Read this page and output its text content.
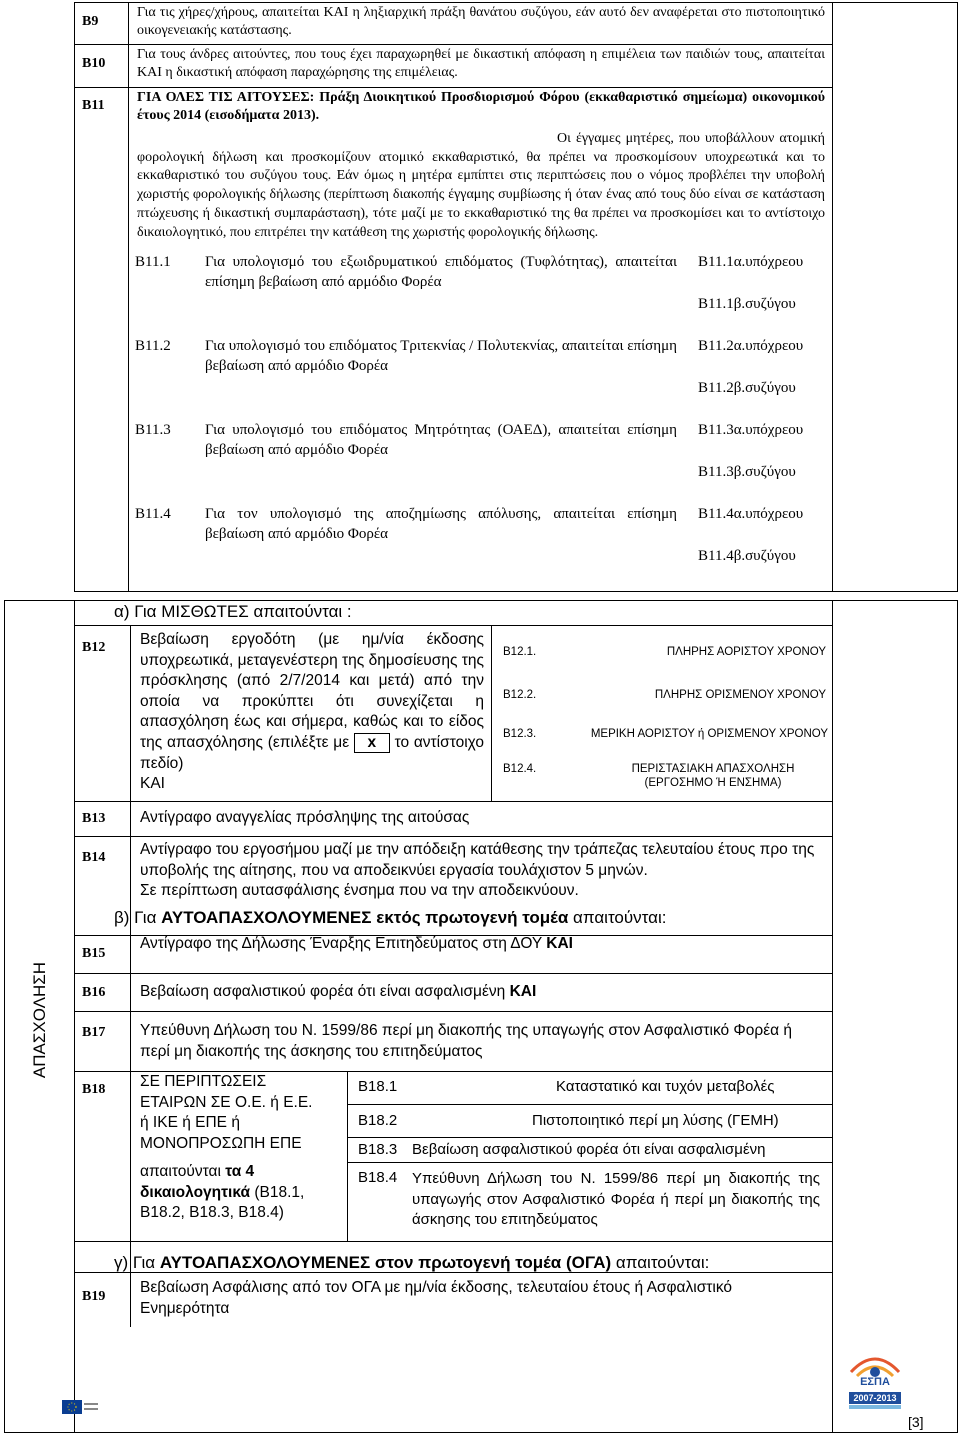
B9
Για τις χήρες/χήρους, απαιτείται ΚΑΙ η ληξιαρχική πράξη θανάτου συζύγου, εάν αυτό δεν αναφέρεται στο πιστοποιητικό οικογενειακής κατάστασης.
B10
Για τους άνδρες αιτούντες, που τους έχει παραχωρηθεί με δικαστική απόφαση η επιμέλεια των παιδιών τους, απαιτείται ΚΑΙ η δικαστική απόφαση παραχώρησης της επιμέλειας.
B11
ΓΙΑ ΟΛΕΣ ΤΙΣ ΑΙΤΟΥΣΕΣ: Πράξη Διοικητικού Προσδιορισμού Φόρου (εκκαθαριστικό σημείωμα) οικονομικού έτους 2014 (εισοδήματα 2013).
Οι έγγαμες μητέρες, που υποβάλλουν ατομική φορολογική δήλωση και προσκομίζουν ατομικό εκκαθαριστικό, θα πρέπει να προσκομίσουν υποχρεωτικά και το εκκαθαριστικό του συζύγου τους. Εάν όμως η μητέρα εμπίπτει στις περιπτώσεις που ο νόμος προβλέπει την υποβολή χωριστής φορολογικής δήλωσης (περίπτωση διακοπής έγγαμης συμβίωσης ή όταν ένας από τους δύο είναι σε κατάσταση πτώχευσης ή δικαστική συμπαράσταση), τότε μαζί με το εκκαθαριστικό της θα πρέπει να προσκομίσει και το αντίστοιχο δικαιολογητικό, που επιτρέπει την κατάθεση της χωριστής φορολογικής δήλωσης.
B11.1 Για υπολογισμό του εξωιδρυματικού επιδόματος (Τυφλότητας), απαιτείται επίσημη βεβαίωση από αρμόδιο Φορέα
B11.1α.υπόχρεου
B11.1β.συζύγου
B11.2 Για υπολογισμό του επιδόματος Τριτεκνίας / Πολυτεκνίας, απαιτείται επίσημη βεβαίωση από αρμόδιο Φορέα
B11.2α.υπόχρεου
B11.2β.συζύγου
B11.3 Για υπολογισμό του επιδόματος Μητρότητας (ΟΑΕΔ), απαιτείται επίσημη βεβαίωση από αρμόδιο Φορέα
B11.3α.υπόχρεου
B11.3β.συζύγου
B11.4 Για τον υπολογισμό της αποζημίωσης απόλυσης, απαιτείται επίσημη βεβαίωση από αρμόδιο Φορέα
B11.4α.υπόχρεου
B11.4β.συζύγου
ΑΠΑΣΧΟΛΗΣΗ
α) Για ΜΙΣΘΩΤΕΣ απαιτούνται :
B12 Βεβαίωση εργοδότη (με ημ/νία έκδοσης υποχρεωτικά, μεταγενέστερη της δημοσίευσης της πρόσκλησης (από 2/7/2014 και μετά) από την οποία να προκύπτει ότι συνεχίζεται η απασχόληση έως και σήμερα, καθώς και το είδος της απασχόλησης (επιλέξτε με x το αντίστοιχο πεδίο)
ΚΑΙ
B12.1.	ΠΛΗΡΗΣ ΑΟΡΙΣΤΟΥ ΧΡΟΝΟΥ
B12.2.	ΠΛΗΡΗΣ ΟΡΙΣΜΕΝΟΥ ΧΡΟΝΟΥ
B12.3.	ΜΕΡΙΚΗ ΑΟΡΙΣΤΟΥ ή ΟΡΙΣΜΕΝΟΥ ΧΡΟΝΟΥ
B12.4.	ΠΕΡΙΣΤΑΣΙΑΚΗ ΑΠΑΣΧΟΛΗΣΗ
(ΕΡΓΟΣΗΜΟ Ή ΕΝΣΗΜΑ)
B13 Αντίγραφο αναγγελίας πρόσληψης της αιτούσας
B14 Αντίγραφο του εργοσήμου μαζί με την απόδειξη κατάθεσης την τράπεζας τελευταίου έτους προ της υποβολής της αίτησης, που να αποδεικνύει εργασία τουλάχιστον 5 μηνών.
Σε περίπτωση αυτασφάλισης ένσημα που να την αποδεικνύουν.
β) Για ΑΥΤΟΑΠΑΣΧΟΛΟΥΜΕΝΕΣ εκτός πρωτογενή τομέα απαιτούνται:
B15
Αντίγραφο της Δήλωσης Έναρξης Επιτηδεύματος στη ΔΟΥ ΚΑΙ
B16 Βεβαίωση ασφαλιστικού φορέα ότι είναι ασφαλισμένη ΚΑΙ
B17 Υπεύθυνη Δήλωση του Ν. 1599/86 περί μη διακοπής της υπαγωγής στον Ασφαλιστικό Φορέα ή περί μη διακοπής της άσκησης του επιτηδεύματος
B18 ΣΕ ΠΕΡΙΠΤΩΣΕΙΣ
ΕΤΑΙΡΩΝ ΣΕ Ο.Ε. ή Ε.Ε.
ή ΙΚΕ ή ΕΠΕ ή
ΜΟΝΟΠΡΟΣΩΠΗ ΕΠΕ
απαιτούνται τα 4 δικαιολογητικά (B18.1, B18.2, B18.3, B18.4)
B18.1	Καταστατικό και τυχόν μεταβολές
B18.2	Πιστοποιητικό περί μη λύσης (ΓΕΜΗ)
B18.3 Βεβαίωση ασφαλιστικού φορέα ότι είναι ασφαλισμένη
B18.4 Υπεύθυνη Δήλωση του Ν. 1599/86 περί μη διακοπής της υπαγωγής στον Ασφαλιστικό Φορέα ή περί μη διακοπής της άσκησης του επιτηδεύματος
γ) Για ΑΥΤΟΑΠΑΣΧΟΛΟΥΜΕΝΕΣ στον πρωτογενή τομέα (ΟΓΑ) απαιτούνται:
B19
Βεβαίωση Ασφάλισης από τον ΟΓΑ με ημ/νία έκδοσης, τελευταίου έτους ή Ασφαλιστικό Ενημερότητα
ΕΣΠΑ
2007-2013
[3]
